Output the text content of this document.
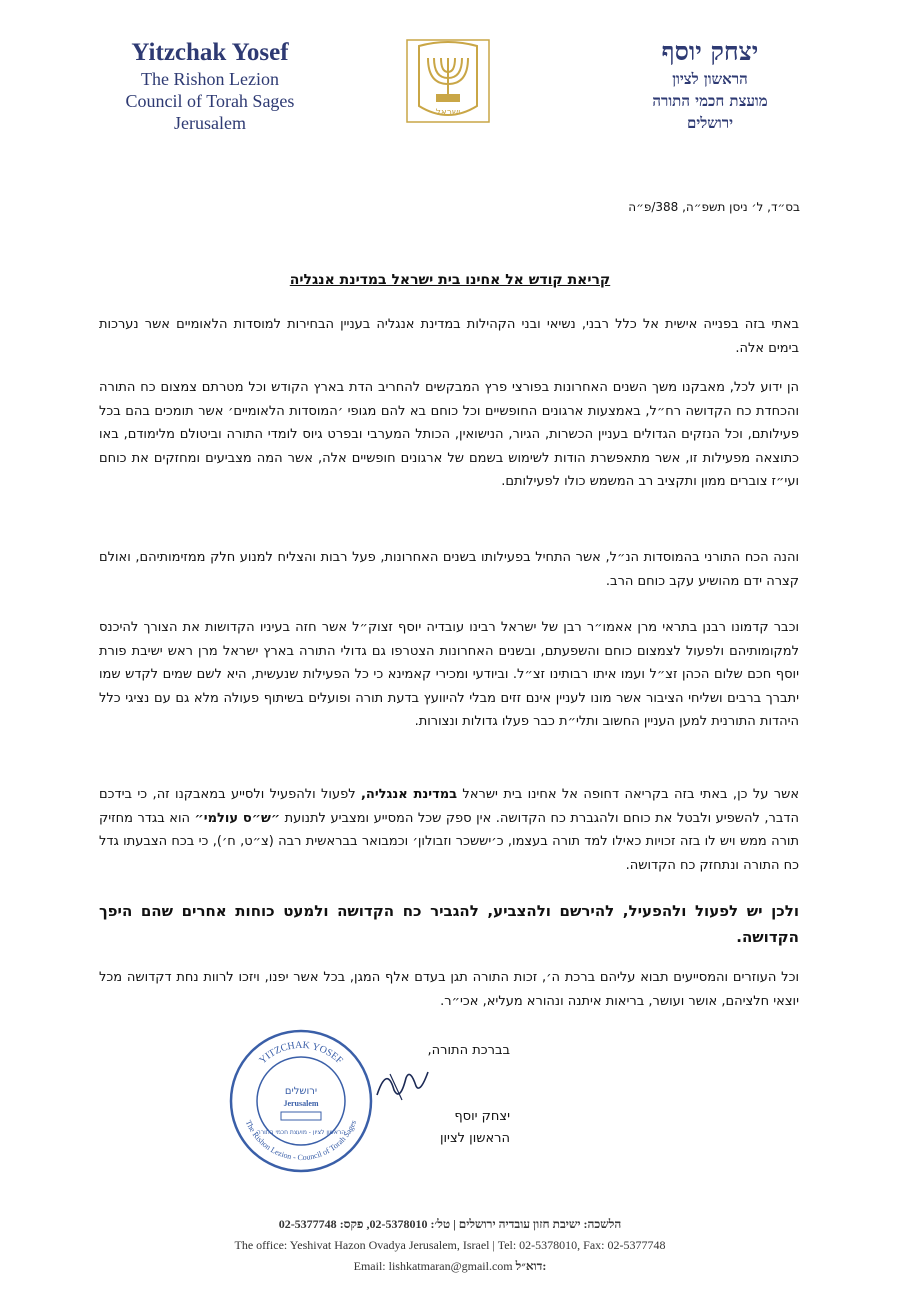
Yitzchak Yosef
The Rishon Lezion
Council of Torah Sages
Jerusalem	ישראל
יצחק יוסף
הראשון לציון
מועצת חכמי התורה
ירושלים
בס״ד, ל׳ ניסן תשפ״ה, 388/פ״ה
קריאת קודש אל אחינו בית ישראל במדינת אנגליה
באתי בזה בפנייה אישית אל כלל רבני, נשיאי ובני הקהילות במדינת אנגליה בעניין הבחירות למוסדות הלאומיים אשר נערכות בימים אלה.
הן ידוע לכל, מאבקנו משך השנים האחרונות בפורצי פרץ המבקשים להחריב הדת בארץ הקודש וכל מטרתם צמצום כח התורה והכחדת כח הקדושה רח״ל, באמצעות ארגונים החופשיים וכל כוחם בא להם מגופי ׳המוסדות הלאומיים׳ אשר תומכים בהם בכל פעילותם, וכל הנזקים הגדולים בעניין הכשרות, הגיור, הנישואין, הכותל המערבי ובפרט גיוס לומדי התורה וביטולם מלימודם, באו כתוצאה מפעילות זו, אשר מתאפשרת הודות לשימוש בשמם של ארגונים חופשיים אלה, אשר המה מצביעים ומחזקים את כוחם ועי״ז צוברים ממון ותקציב רב המשמש כולו לפעילותם.
והנה הכח התורני בהמוסדות הנ״ל, אשר התחיל בפעילותו בשנים האחרונות, פעל רבות והצליח למנוע חלק ממזימותיהם, ואולם קצרה ידם מהושיע עקב כוחם הרב.
וכבר קדמונו רבנן בתראי מרן אאמו״ר רבן של ישראל רבינו עובדיה יוסף זצוק״ל אשר חזה בעיניו הקדושות את הצורך להיכנס למקומותיהם ולפעול לצמצום כוחם והשפעתם, ובשנים האחרונות הצטרפו גם גדולי התורה בארץ ישראל מרן ראש ישיבת פורת יוסף חכם שלום הכהן זצ״ל ועמו איתו רבותינו זצ״ל. וביודעי ומכירי קאמינא כי כל הפעילות שנעשית, היא לשם שמים לקדש שמו יתברך ברבים ושליחי הציבור אשר מונו לעניין אינם זזים מבלי להיוועץ בדעת תורה ופועלים בשיתוף פעולה מלא גם עם נציגי כלל היהדות התורנית למען העניין החשוב ותלי״ת כבר פעלו גדולות ונצורות.
אשר על כן, באתי בזה בקריאה דחופה אל אחינו בית ישראל במדינת אנגליה, לפעול ולהפעיל ולסייע במאבקנו זה, כי בידכם הדבר, להשפיע ולבטל את כוחם ולהגברת כח הקדושה. אין ספק שכל המסייע ומצביע לתנועת ״ש״ס עולמי״ הוא בגדר מחזיק תורה ממש ויש לו בזה זכויות כאילו למד תורה בעצמו, כ׳יששכר וזבולון׳ וכמבואר בבראשית רבה (צ״ט, ח׳), כי בכח הצבעתו גדל כח התורה ונתחזק כח הקדושה.
ולכן יש לפעול ולהפעיל, להירשם ולהצביע, להגביר כח הקדושה ולמעט כוחות אחרים שהם היפך הקדושה.
וכל העוזרים והמסייעים תבוא עליהם ברכת ה׳, זכות התורה תגן בעדם אלף המגן, בכל אשר יפנו, ויזכו לרוות נחת דקדושה מכל יוצאי חלציהם, אושר ועושר, בריאות איתנה ונהורא מעליא, אכי״ר.
YITZCHAK YOSEF
The Rishon Lezion - Council of Torah Sages
ירושלים
Jerusalem
הראשון לציון - מועצת חכמי התורה
בברכת התורה,
יצחק יוסף
הראשון לציון
הלשכה: ישיבת חזון עובדיה ירושלים | טל׳: 02-5378010, פקס: 02-5377748
The office: Yeshivat Hazon Ovadya Jerusalem, Israel | Tel: 02-5378010, Fax: 02-5377748
Email: lishkatmaran@gmail.com דוא״ל:
